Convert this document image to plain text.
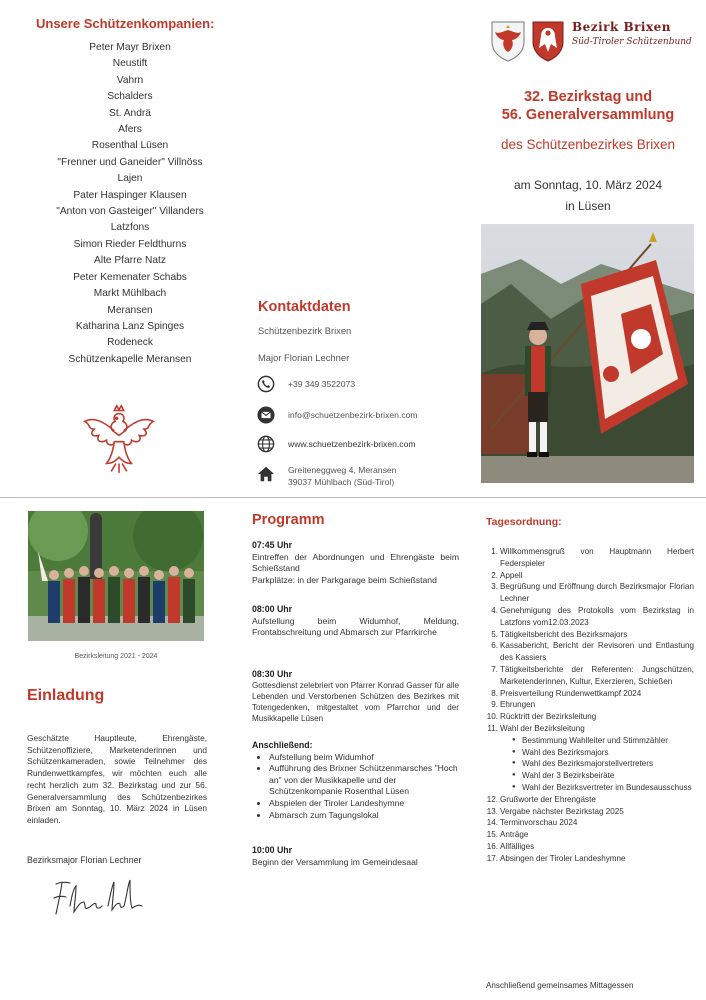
Unsere Schützenkompanien:
Peter Mayr Brixen
Neustift
Vahrn
Schalders
St. Andrä
Afers
Rosenthal Lüsen
"Frenner und Ganeider" Villnöss
Lajen
Pater Haspinger Klausen
"Anton von Gasteiger" Villanders
Latzfons
Simon Rieder Feldthurns
Alte Pfarre Natz
Peter Kemenater Schabs
Markt Mühlbach
Meransen
Katharina Lanz Spinges
Rodeneck
Schützenkapelle Meransen
Kontaktdaten
Schützenbezirk Brixen
Major Florian Lechner
+39 349 3522073
info@schuetzenbezirk-brixen.com
www.schuetzenbezirk-brixen.com
Greiteneggweg 4, Meransen
39037 Mühlbach (Süd-Tirol)
Bezirk Brixen
Süd-Tiroler Schützenbund
32. Bezirkstag und
56. Generalversammlung
des Schützenbezirkes Brixen
am Sonntag, 10. März 2024
in Lüsen
Bezirksleitung 2021 - 2024
Einladung
Geschätzte Hauptleute, Ehrengäste, Schützenoffiziere, Marketenderinnen und Schützenkameraden, sowie Teilnehmer des Rundenwettkampfes, wir möchten euch alle recht herzlich zum 32. Bezirkstag und zur 56. Generalversammlung des Schützenbezirkes Brixen am Sonntag, 10. März 2024 in Lüsen einladen.
Bezirksmajor Florian Lechner
Programm
07:45 Uhr
Eintreffen der Abordnungen und Ehrengäste beim Schießstand
Parkplätze: in der Parkgarage beim Schießstand
08:00 Uhr
Aufstellung beim Widumhof, Meldung, Frontabschreitung und Abmarsch zur Pfarrkirche
08:30 Uhr
Gottesdienst zelebriert von Pfarrer Konrad Gasser für alle Lebenden und Verstorbenen Schützen des Bezirkes mit Totengedenken, mitgestaltet vom Pfarrchor und der Musikkapelle Lüsen
Anschließend:
• Aufstellung beim Widumhof
• Aufführung des Brixner Schützenmarsches "Hoch an" von der Musikkapelle und der Schützenkompanie Rosenthal Lüsen
• Abspielen der Tiroler Landeshymne
• Abmarsch zum Tagungslokal
10:00 Uhr
Beginn der Versammlung im Gemeindesaal
Tagesordnung:
1. Willkommensgruß von Hauptmann Herbert Federspieler
2. Appell
3. Begrüßung und Eröffnung durch Bezirksmajor Florian Lechner
4. Genehmigung des Protokolls vom Bezirkstag in Latzfons vom12.03.2023
5. Tätigkeitsbericht des Bezirksmajors
6. Kassabericht, Bericht der Revisoren und Entlastung des Kassiers
7. Tätigkeitsberichte der Referenten: Jungschützen, Marketenderinnen, Kultur, Exerzieren, Schießen
8. Preisverteilung Rundenwettkampf 2024
9. Ehrungen
10. Rücktritt der Bezirksleitung
11. Wahl der Bezirksleitung
● Bestimmung Wahlleiter und Stimmzähler
● Wahl des Bezirksmajors
● Wahl des Bezirksmajorstellvertreters
● Wahl der 3 Bezirksbeiräte
● Wahl der Bezirksvertreter im Bundesausschuss
12. Grußworte der Ehrengäste
13. Vergabe nächster Bezirkstag 2025
14. Terminvorschau 2024
15. Anträge
16. Allfälliges
17. Absingen der Tiroler Landeshymne
Anschließend gemeinsames Mittagessen
